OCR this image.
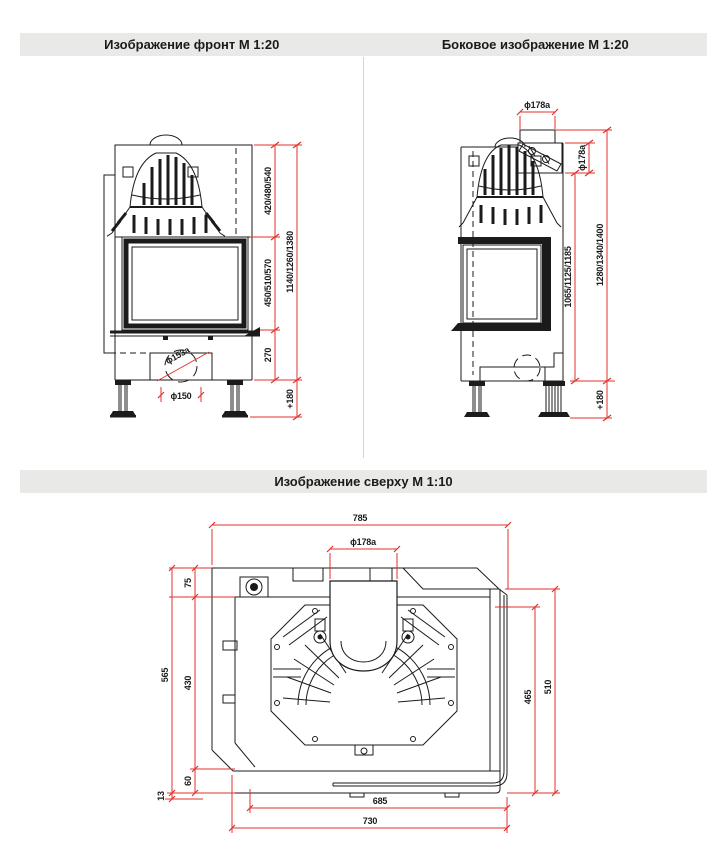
Изображение фронт М 1:20	Боковое изображение М 1:20
ϕ153a
ϕ150
420/480/540
450/510/570
270
1140/1260/1380
+180
ϕ178a
ϕ178a
1065/1125/1185 1280/1340/1400
+180
Изображение сверху М 1:10
785
ϕ178a
565
75
430
60
13
465
510
685
730
